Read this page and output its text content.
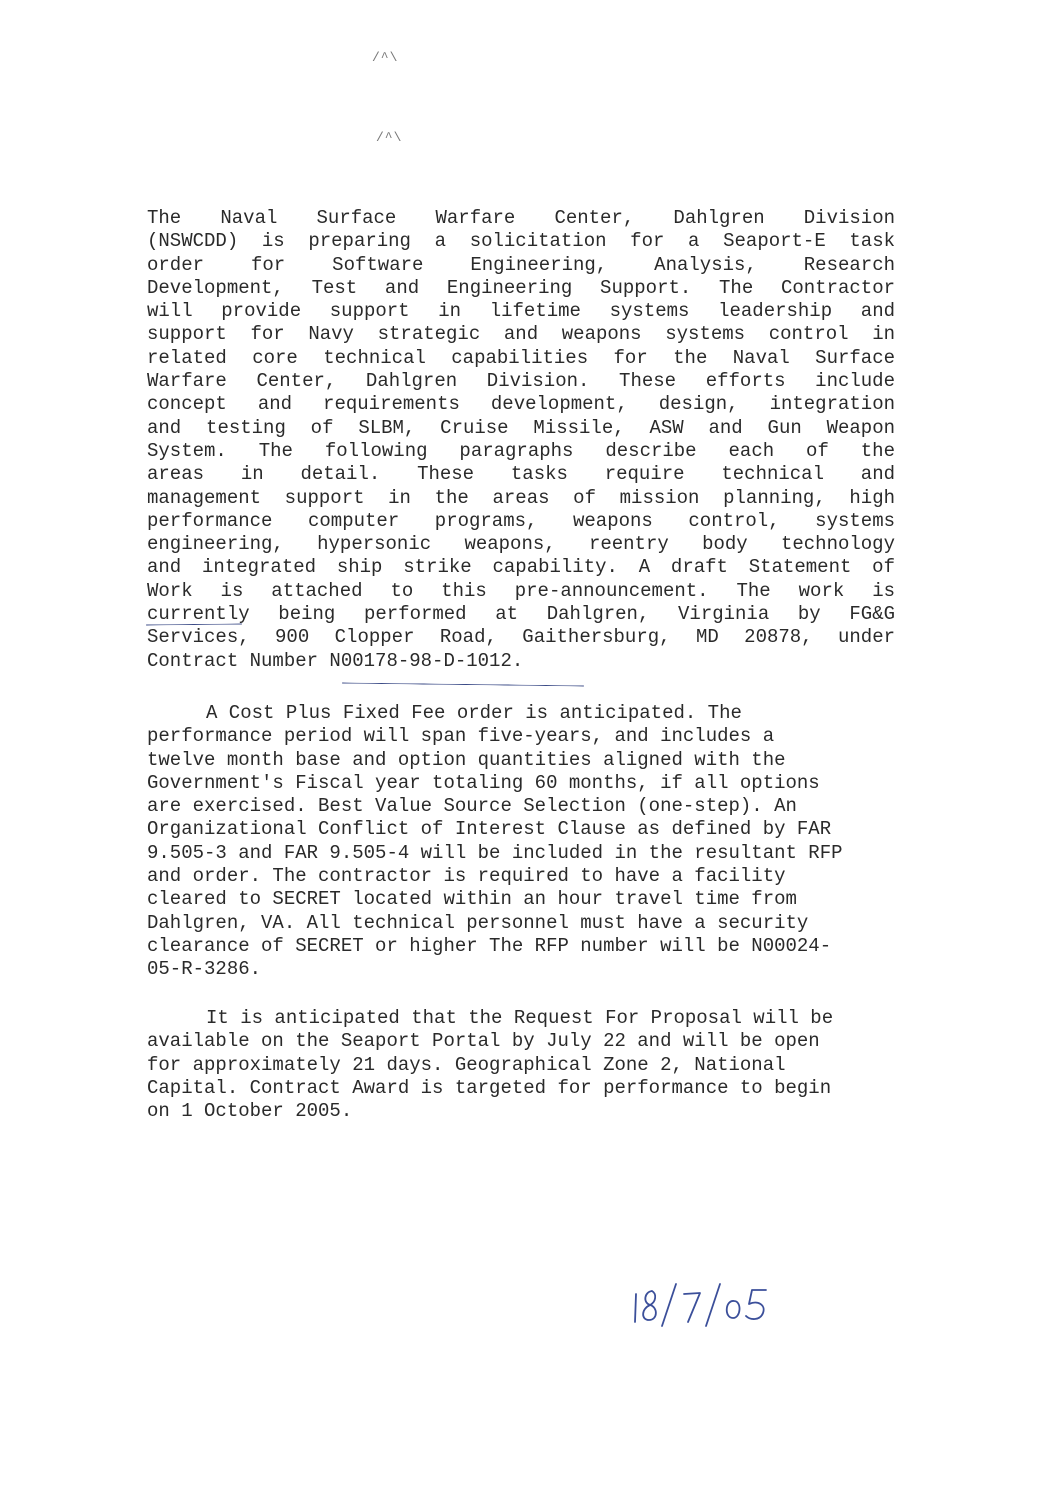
/^\
/^\
The Naval Surface Warfare Center, Dahlgren Division
(NSWCDD) is preparing a solicitation for a Seaport-E task
order for Software Engineering, Analysis, Research
Development, Test and Engineering Support. The Contractor
will provide support in lifetime systems leadership and
support for Navy strategic and weapons systems control in
related core technical capabilities for the Naval Surface
Warfare Center, Dahlgren Division. These efforts include
concept and requirements development, design, integration
and testing of SLBM, Cruise Missile, ASW and Gun Weapon
System. The following paragraphs describe each of the
areas in detail. These tasks require technical and
management support in the areas of mission planning, high
performance computer programs, weapons control, systems
engineering, hypersonic weapons, reentry body technology
and integrated ship strike capability. A draft Statement of
Work is attached to this pre-announcement. The work is
currently being performed at Dahlgren, Virginia by FG&G
Services, 900 Clopper Road, Gaithersburg, MD 20878, under
Contract Number N00178-98-D-1012.
A Cost Plus Fixed Fee order is anticipated. The
performance period will span five-years, and includes a
twelve month base and option quantities aligned with the
Government's Fiscal year totaling 60 months, if all options
are exercised. Best Value Source Selection (one-step). An
Organizational Conflict of Interest Clause as defined by FAR
9.505-3 and FAR 9.505-4 will be included in the resultant RFP
and order. The contractor is required to have a facility
cleared to SECRET located within an hour travel time from
Dahlgren, VA. All technical personnel must have a security
clearance of SECRET or higher The RFP number will be N00024-
05-R-3286.
It is anticipated that the Request For Proposal will be
available on the Seaport Portal by July 22 and will be open
for approximately 21 days. Geographical Zone 2, National
Capital. Contract Award is targeted for performance to begin
on 1 October 2005.
